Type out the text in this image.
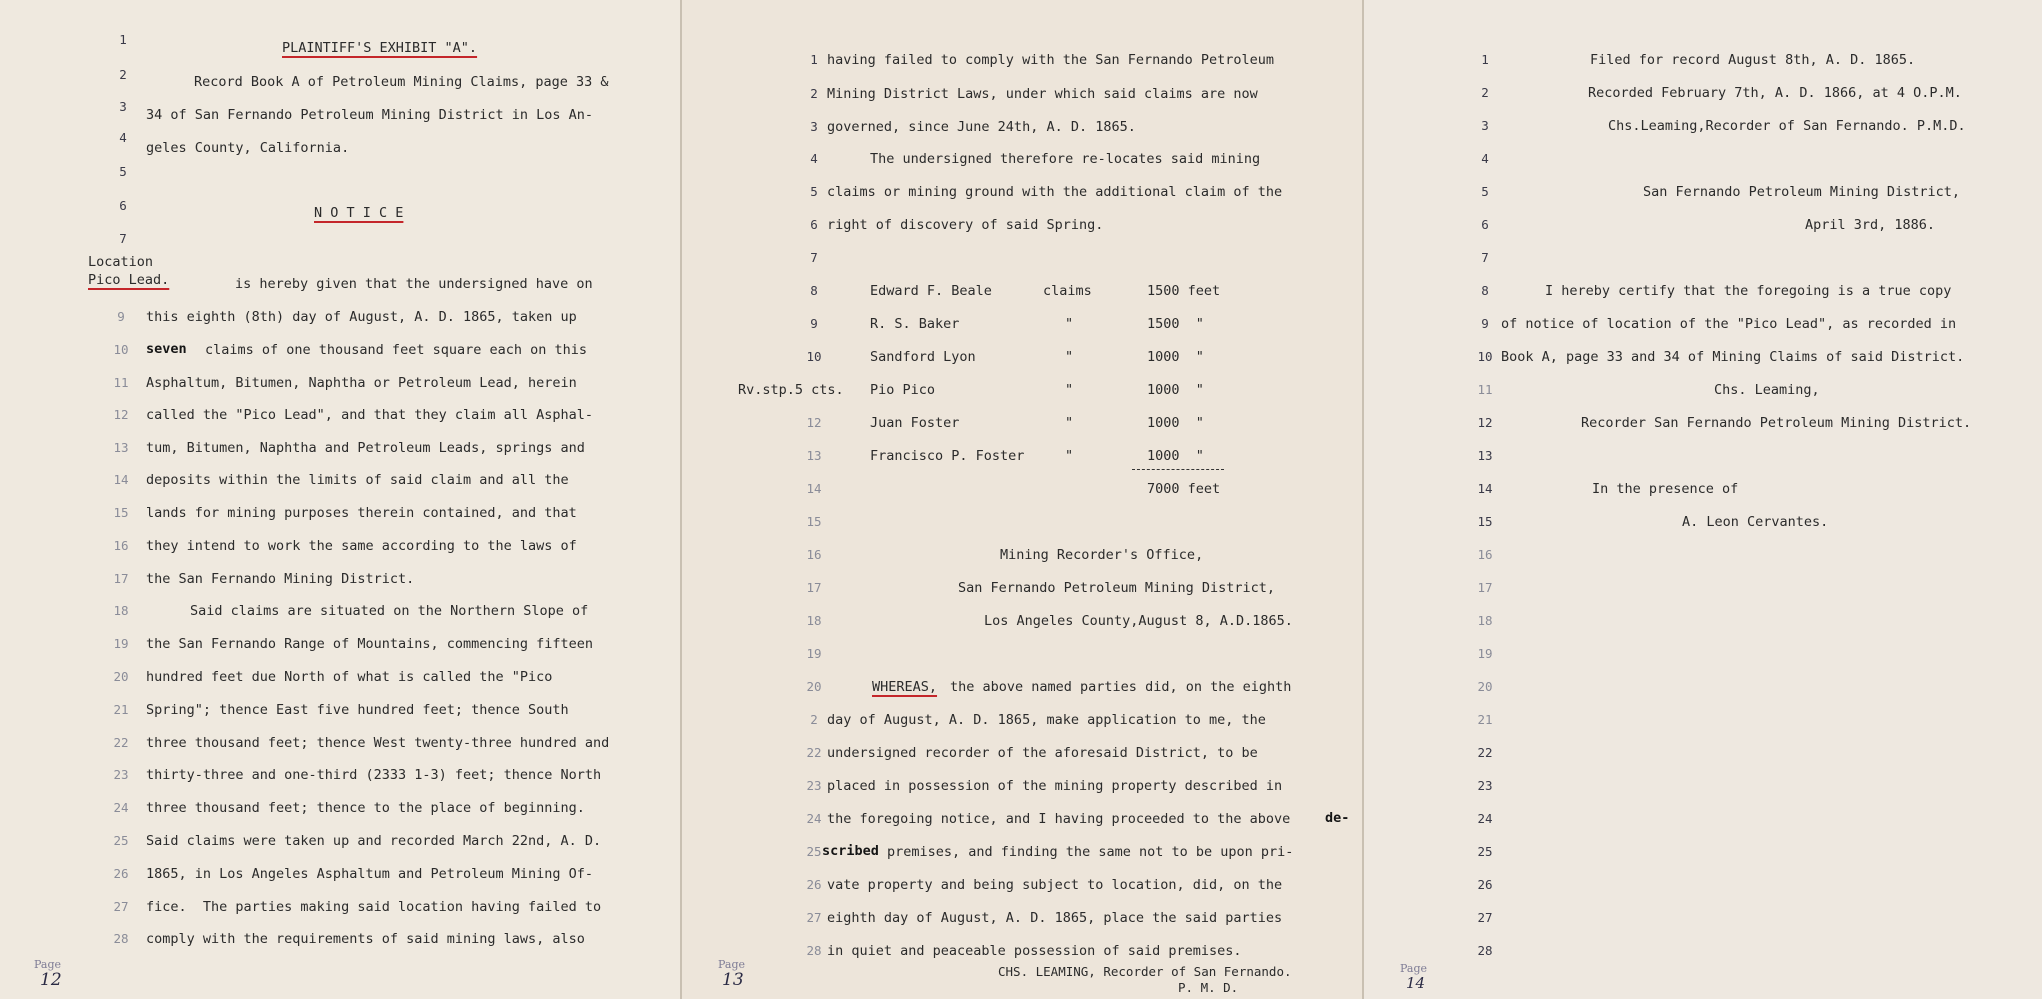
PLAINTIFF'S EXHIBIT "A".
Record Book A of Petroleum Mining Claims, page 33 &
34 of San Fernando Petroleum Mining District in Los An-
geles County, California.
N O T I C E
Location
Pico Lead.	is hereby given that the undersigned have on
1
2
3
4
5
6
7
9
10
11
12
13
14
15
16
17
18
19
20
21
22
23
24
25
26
27
28
this eighth (8th) day of August, A. D. 1865, taken up
seven claims of one thousand feet square each on this
Asphaltum, Bitumen, Naphtha or Petroleum Lead, herein
called the "Pico Lead", and that they claim all Asphal-
tum, Bitumen, Naphtha and Petroleum Leads, springs and
deposits within the limits of said claim and all the
lands for mining purposes therein contained, and that
they intend to work the same according to the laws of
the San Fernando Mining District.
Said claims are situated on the Northern Slope of
the San Fernando Range of Mountains, commencing fifteen
hundred feet due North of what is called the "Pico
Spring"; thence East five hundred feet; thence South
three thousand feet; thence West twenty-three hundred and
thirty-three and one-third (2333 1-3) feet; thence North
three thousand feet; thence to the place of beginning.
Said claims were taken up and recorded March 22nd, A. D.
1865, in Los Angeles Asphaltum and Petroleum Mining Of-
fice.  The parties making said location having failed to
comply with the requirements of said mining laws, also
Page
12
1
2
3
4
5
6
7
8
9
10
12
13
14
15
16
17
18
19
20
2
22
23
24
25
26
27
28
having failed to comply with the San Fernando Petroleum
Mining District Laws, under which said claims are now
governed, since June 24th, A. D. 1865.
The undersigned therefore re-locates said mining
claims or mining ground with the additional claim of the
right of discovery of said Spring.
Edward F. Beale	claims	1500 feet
R. S. Baker	"	1500  "
Sandford Lyon	"	1000  "
Rv.stp.5 cts. Pio Pico	"	1000  "
Juan Foster	"	1000  "
Francisco P. Foster	"	1000  "
7000 feet
Mining Recorder's Office,
San Fernando Petroleum Mining District,
Los Angeles County,August 8, A.D.1865.
WHEREAS, the above named parties did, on the eighth
day of August, A. D. 1865, make application to me, the
undersigned recorder of the aforesaid District, to be
placed in possession of the mining property described in
the foregoing notice, and I having proceeded to the above	de-
scribed premises, and finding the same not to be upon pri-
vate property and being subject to location, did, on the
eighth day of August, A. D. 1865, place the said parties
in quiet and peaceable possession of said premises.
CHS. LEAMING, Recorder of San Fernando.
P. M. D.
Page
13
1
2
3
4
5
6
7
8
9
10
11
12
13
14
15
16
17
18
19
20
21
22
23
24
25
26
27
28
Filed for record August 8th, A. D. 1865.
Recorded February 7th, A. D. 1866, at 4 O.P.M.
Chs.Leaming,Recorder of San Fernando. P.M.D.
San Fernando Petroleum Mining District,
April 3rd, 1886.
I hereby certify that the foregoing is a true copy
of notice of location of the "Pico Lead", as recorded in
Book A, page 33 and 34 of Mining Claims of said District.
Chs. Leaming,
Recorder San Fernando Petroleum Mining District.
In the presence of
A. Leon Cervantes.
Page
14
